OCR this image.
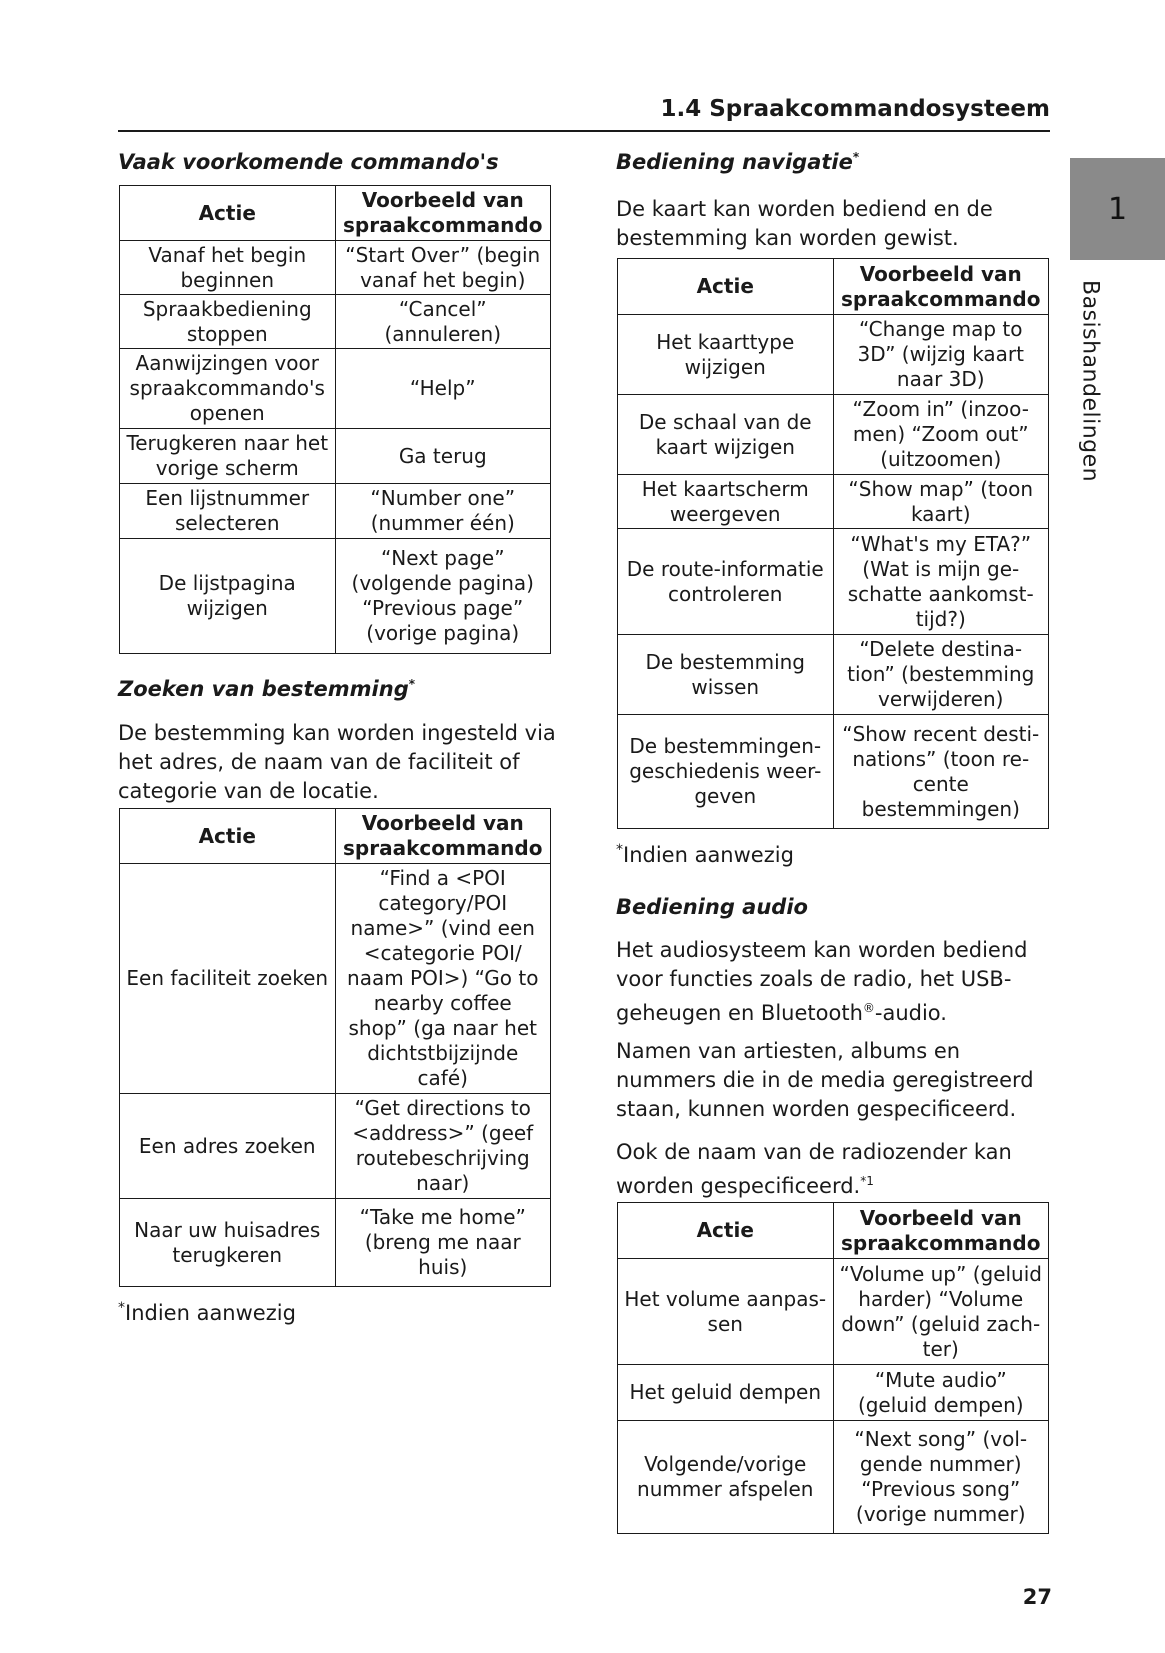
1.4 Spraakcommandosysteem
1
Basishandelingen
Vaak voorkomende commando's
Actie	Voorbeeld van spraakcommando
Vanaf het begin beginnen	“Start Over” (begin vanaf het begin)
Spraakbediening stoppen	“Cancel” (annuleren)
Aanwijzingen voor spraakcommando's openen	“Help”
Terugkeren naar het vorige scherm	Ga terug
Een lijstnummer selecteren	“Number one” (nummer één)
De lijstpagina wijzigen	“Next page” (volgende pagina) “Previous page” (vorige pagina)
Zoeken van bestemming*
De bestemming kan worden ingesteld via het adres, de naam van de faciliteit of categorie van de locatie.
Actie	Voorbeeld van spraakcommando
Een faciliteit zoeken	“Find a <POI category/POI name>” (vind een <categorie POI/ naam POI>) “Go to nearby coffee shop” (ga naar het dichtstbijzijnde café)
Een adres zoeken	“Get directions to <address>” (geef routebeschrijving naar)
Naar uw huisadres terugkeren	“Take me home” (breng me naar huis)
*Indien aanwezig
Bediening navigatie*
De kaart kan worden bediend en de bestemming kan worden gewist.
Actie	Voorbeeld van spraakcommando
Het kaarttype wijzigen	“Change map to 3D” (wijzig kaart naar 3D)
De schaal van de kaart wijzigen	“Zoom in” (inzoo-men) “Zoom out” (uitzoomen)
Het kaartscherm weergeven	“Show map” (toon kaart)
De route-informatie controleren	“What's my ETA?” (Wat is mijn ge-schatte aankomst-tijd?)
De bestemming wissen	“Delete destina-tion” (bestemming verwijderen)
De bestemmingen-geschiedenis weer-geven	“Show recent desti-nations” (toon re-cente bestemmingen)
*Indien aanwezig
Bediening audio
Het audiosysteem kan worden bediend voor functies zoals de radio, het USB-geheugen en Bluetooth®-audio.
Namen van artiesten, albums en nummers die in de media geregistreerd staan, kunnen worden gespecificeerd.
Ook de naam van de radiozender kan worden gespecificeerd.$^{*1}$
Actie	Voorbeeld van spraakcommando
Het volume aanpas-sen	“Volume up” (geluid harder) “Volume down” (geluid zach-ter)
Het geluid dempen	“Mute audio” (geluid dempen)
Volgende/vorige nummer afspelen	“Next song” (vol-gende nummer) “Previous song” (vorige nummer)
27
